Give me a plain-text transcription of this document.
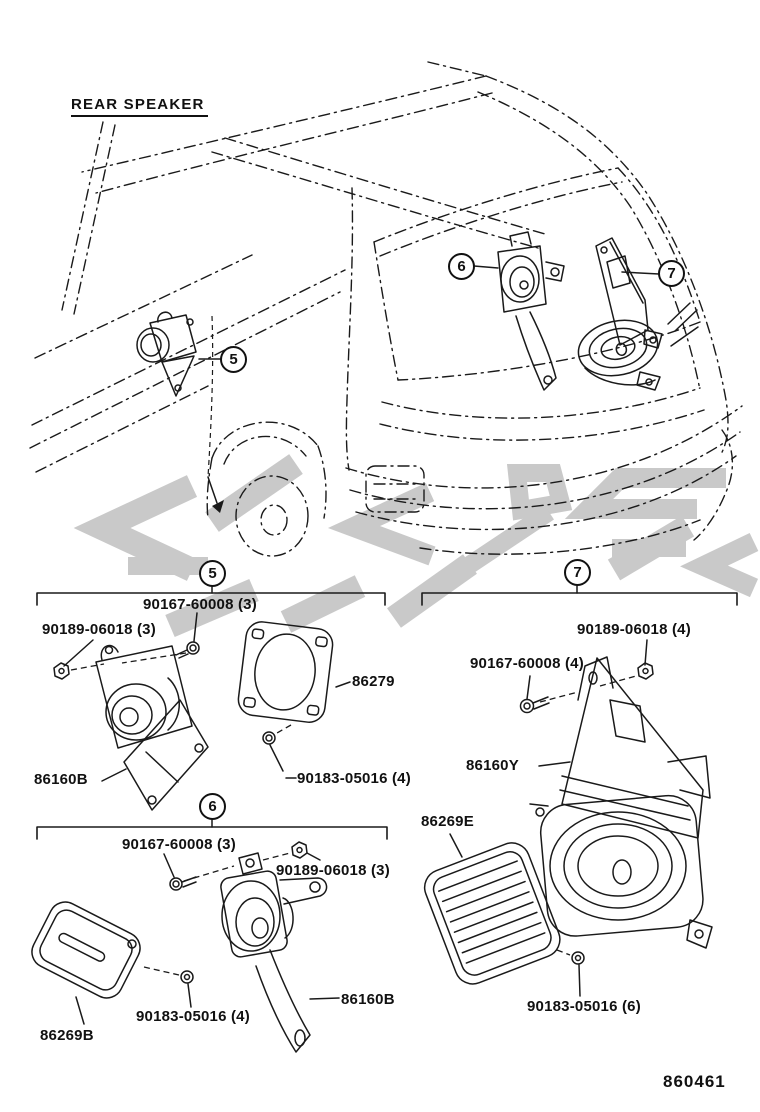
REAR SPEAKER
5
6	7
5
6
7
90167-60008 (3)
90189-06018 (3)
86279
86160B	90183-05016 (4)
90167-60008 (3)
90189-06018 (3)
86160B
86269B
90183-05016 (4)
90189-06018 (4)
90167-60008 (4)
86160Y
86269E
90183-05016 (6)
860461
